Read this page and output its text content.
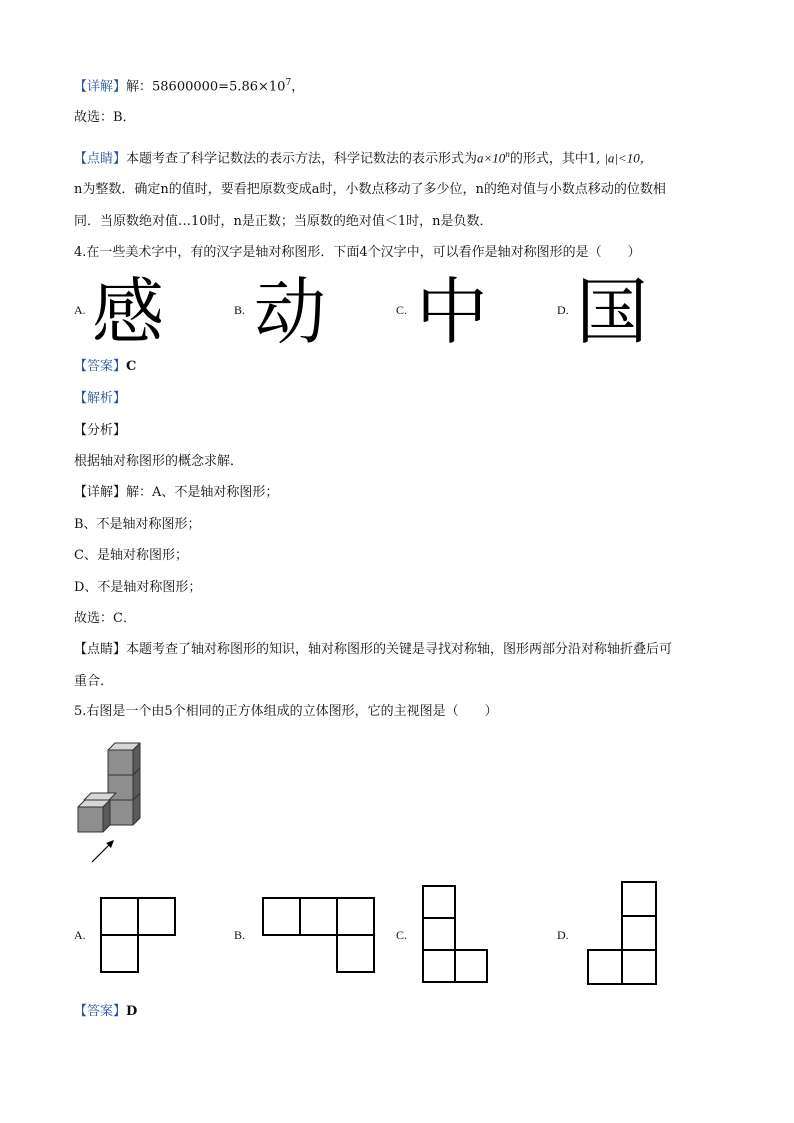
【详解】解：$58600000=5.86\times 10^7$，
故选：B．
【点睛】本题考查了科学记数法的表示方法，科学记数法的表示形式为$a\times 10^n$的形式，其中1, |a|<10，
n为整数．确定n的值时，要看把原数变成a时，小数点移动了多少位，n的绝对值与小数点移动的位数相
同．当原数绝对值…10时，n是正数；当原数的绝对值＜1时，n是负数．
4.在一些美术字中，有的汉字是轴对称图形．下面4个汉字中，可以看作是轴对称图形的是（　　）
A. 感	B. 动	C. 中	D. 国
【答案】C
【解析】
【分析】
根据轴对称图形的概念求解．
【详解】解：A、不是轴对称图形；
B、不是轴对称图形；
C、是轴对称图形；
D、不是轴对称图形；
故选：C．
【点睛】本题考查了轴对称图形的知识，轴对称图形的关键是寻找对称轴，图形两部分沿对称轴折叠后可
重合．
5.右图是一个由5个相同的正方体组成的立体图形，它的主视图是（　　）
A.	B.	C.	D.
【答案】D
